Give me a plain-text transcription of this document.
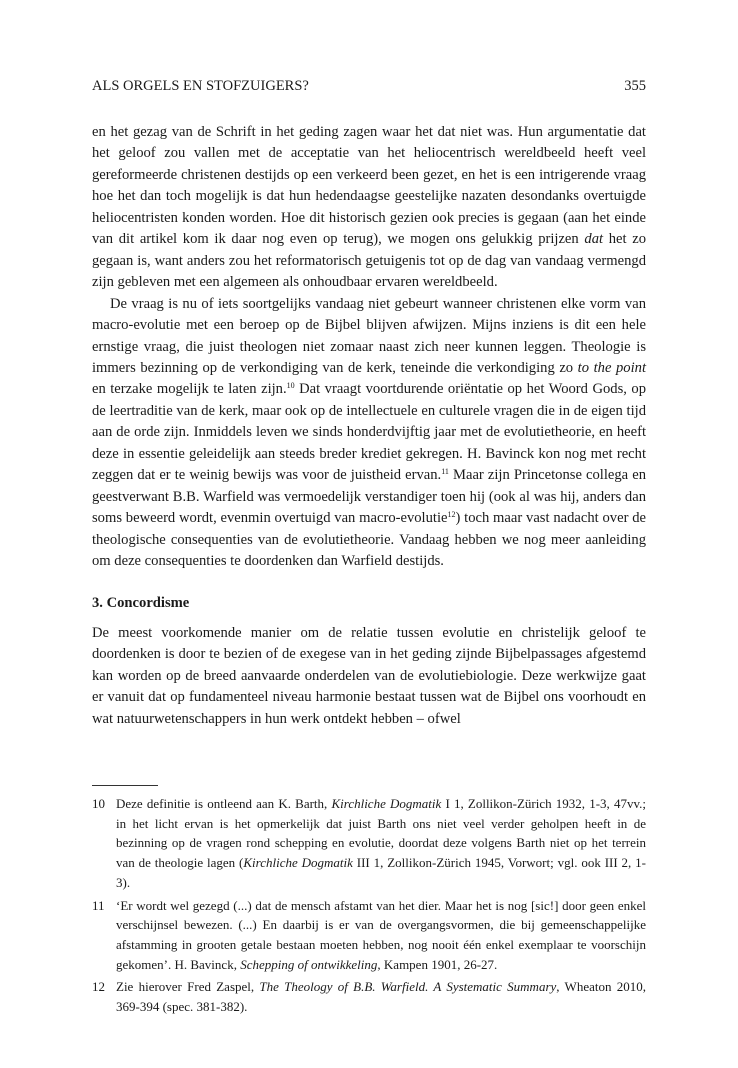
ALS ORGELS EN STOFZUIGERS?	355

en het gezag van de Schrift in het geding zagen waar het dat niet was. Hun argumentatie dat het geloof zou vallen met de acceptatie van het heliocentrisch wereldbeeld heeft veel gereformeerde christenen destijds op een verkeerd been gezet, en het is een intrigerende vraag hoe het dan toch mogelijk is dat hun hedendaagse geestelijke nazaten desondanks overtuigde heliocentristen konden worden. Hoe dit historisch gezien ook precies is gegaan (aan het einde van dit artikel kom ik daar nog even op terug), we mogen ons gelukkig prijzen dat het zo gegaan is, want anders zou het reformatorisch getuigenis tot op de dag van vandaag vermengd zijn gebleven met een algemeen als onhoudbaar ervaren wereldbeeld.

De vraag is nu of iets soortgelijks vandaag niet gebeurt wanneer christenen elke vorm van macro-evolutie met een beroep op de Bijbel blijven afwijzen. Mijns inziens is dit een hele ernstige vraag, die juist theologen niet zomaar naast zich neer kunnen leggen. Theologie is immers bezinning op de verkondiging van de kerk, teneinde die verkondiging zo to the point en terzake mogelijk te laten zijn.$^{10}$ Dat vraagt voortdurende oriëntatie op het Woord Gods, op de leertraditie van de kerk, maar ook op de intellectuele en culturele vragen die in de eigen tijd aan de orde zijn. Inmiddels leven we sinds honderdvijftig jaar met de evolutietheorie, en heeft deze in essentie geleidelijk aan steeds breder krediet gekregen. H. Bavinck kon nog met recht zeggen dat er te weinig bewijs was voor de juistheid ervan.$^{11}$ Maar zijn Princetonse collega en geestverwant B.B. Warfield was vermoedelijk verstandiger toen hij (ook al was hij, anders dan soms beweerd wordt, evenmin overtuigd van macro-evolutie$^{12}$) toch maar vast nadacht over de theologische consequenties van de evolutietheorie. Vandaag hebben we nog meer aanleiding om deze consequenties te doordenken dan Warfield destijds.

3. Concordisme

De meest voorkomende manier om de relatie tussen evolutie en christelijk geloof te doordenken is door te bezien of de exegese van in het geding zijnde Bijbelpassages afgestemd kan worden op de breed aanvaarde onderdelen van de evolutiebiologie. Deze werkwijze gaat er vanuit dat op fundamenteel niveau harmonie bestaat tussen wat de Bijbel ons voorhoudt en wat natuurwetenschappers in hun werk ontdekt hebben – ofwel

10 Deze definitie is ontleend aan K. Barth, Kirchliche Dogmatik I 1, Zollikon-Zürich 1932, 1-3, 47vv.; in het licht ervan is het opmerkelijk dat juist Barth ons niet veel verder geholpen heeft in de bezinning op de vragen rond schepping en evolutie, doordat deze volgens Barth niet op het terrein van de theologie lagen (Kirchliche Dogmatik III 1, Zollikon-Zürich 1945, Vorwort; vgl. ook III 2, 1-3).
11 ‘Er wordt wel gezegd (...) dat de mensch afstamt van het dier. Maar het is nog [sic!] door geen enkel verschijnsel bewezen. (...) En daarbij is er van de overgangsvormen, die bij gemeenschappelijke afstamming in grooten getale bestaan moeten hebben, nog nooit één enkel exemplaar te voorschijn gekomen’. H. Bavinck, Schepping of ontwikkeling, Kampen 1901, 26-27.
12 Zie hierover Fred Zaspel, The Theology of B.B. Warfield. A Systematic Summary, Wheaton 2010, 369-394 (spec. 381-382).
